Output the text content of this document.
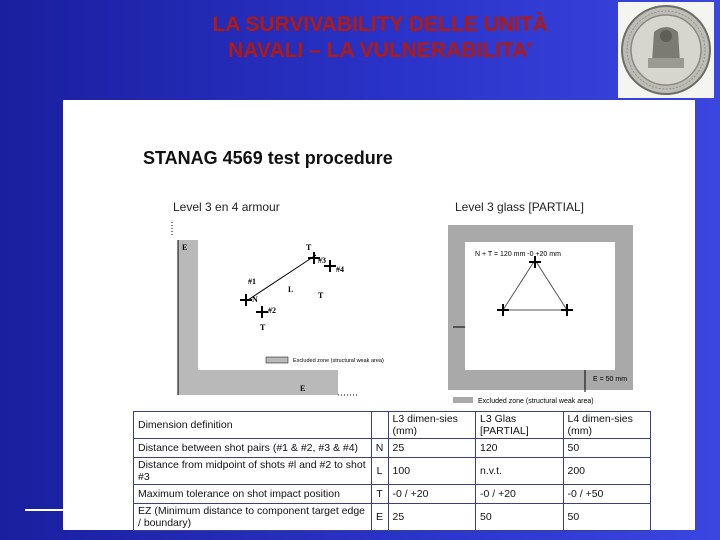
LA SURVIVABILITY DELLE UNITÀ
NAVALI – LA VULNERABILITA’
STANAG 4569 test procedure
Level 3 en 4 armour	Level 3 glass [PARTIAL]
E	T
#3
#4
#1
L
T
N
#2
T
E
Excluded zone (structural weak area)
N + T = 120 mm -0 +20 mm
E = 50 mm
Excluded zone (structural weak area)
Dimension definition		L3 dimen-sies (mm)	L3 Glas [PARTIAL]	L4 dimen-sies (mm)
Distance between shot pairs (#1 & #2, #3 & #4)	N	25	120	50
Distance from midpoint of shots #l and #2 to shot #3	L	100	n.v.t.	200
Maximum tolerance on shot impact position	T	-0 / +20	-0 / +20	-0 / +50
EZ (Minimum distance to component target edge / boundary)	E	25	50	50
